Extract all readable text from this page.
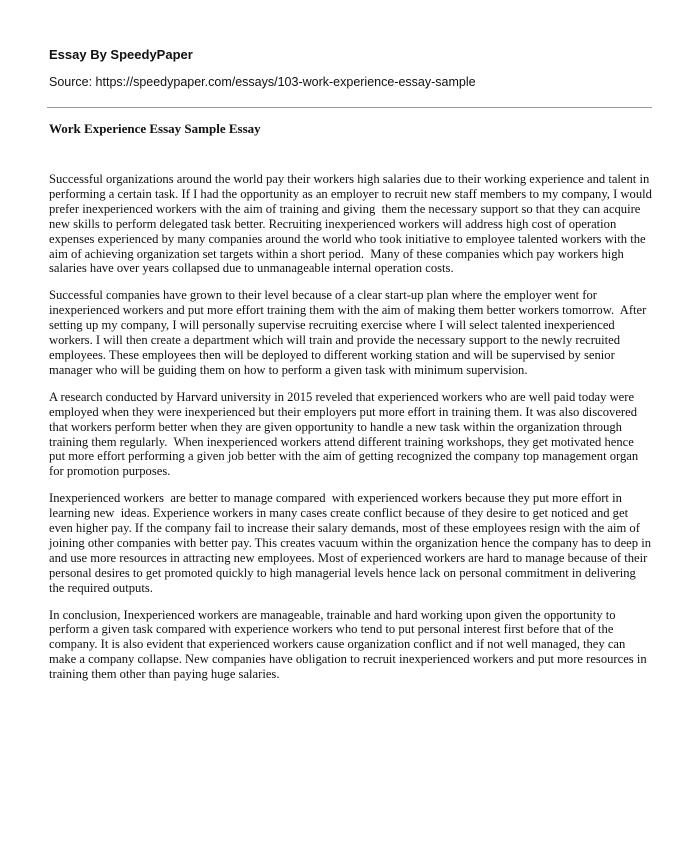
Essay By SpeedyPaper
Source: https://speedypaper.com/essays/103-work-experience-essay-sample
Work Experience Essay Sample Essay

Successful organizations around the world pay their workers high salaries due to their working experience and talent in performing a certain task. If I had the opportunity as an employer to recruit new staff members to my company, I would prefer inexperienced workers with the aim of training and giving  them the necessary support so that they can acquire new skills to perform delegated task better. Recruiting inexperienced workers will address high cost of operation expenses experienced by many companies around the world who took initiative to employee talented workers with the aim of achieving organization set targets within a short period.  Many of these companies which pay workers high salaries have over years collapsed due to unmanageable internal operation costs.

Successful companies have grown to their level because of a clear start-up plan where the employer went for inexperienced workers and put more effort training them with the aim of making them better workers tomorrow.  After setting up my company, I will personally supervise recruiting exercise where I will select talented inexperienced workers. I will then create a department which will train and provide the necessary support to the newly recruited employees. These employees then will be deployed to different working station and will be supervised by senior manager who will be guiding them on how to perform a given task with minimum supervision.

A research conducted by Harvard university in 2015 reveled that experienced workers who are well paid today were employed when they were inexperienced but their employers put more effort in training them. It was also discovered that workers perform better when they are given opportunity to handle a new task within the organization through training them regularly.  When inexperienced workers attend different training workshops, they get motivated hence put more effort performing a given job better with the aim of getting recognized the company top management organ for promotion purposes.

Inexperienced workers  are better to manage compared  with experienced workers because they put more effort in learning new  ideas. Experience workers in many cases create conflict because of they desire to get noticed and get even higher pay. If the company fail to increase their salary demands, most of these employees resign with the aim of joining other companies with better pay. This creates vacuum within the organization hence the company has to deep in and use more resources in attracting new employees. Most of experienced workers are hard to manage because of their personal desires to get promoted quickly to high managerial levels hence lack on personal commitment in delivering the required outputs.

In conclusion, Inexperienced workers are manageable, trainable and hard working upon given the opportunity to perform a given task compared with experience workers who tend to put personal interest first before that of the company. It is also evident that experienced workers cause organization conflict and if not well managed, they can make a company collapse. New companies have obligation to recruit inexperienced workers and put more resources in training them other than paying huge salaries.
